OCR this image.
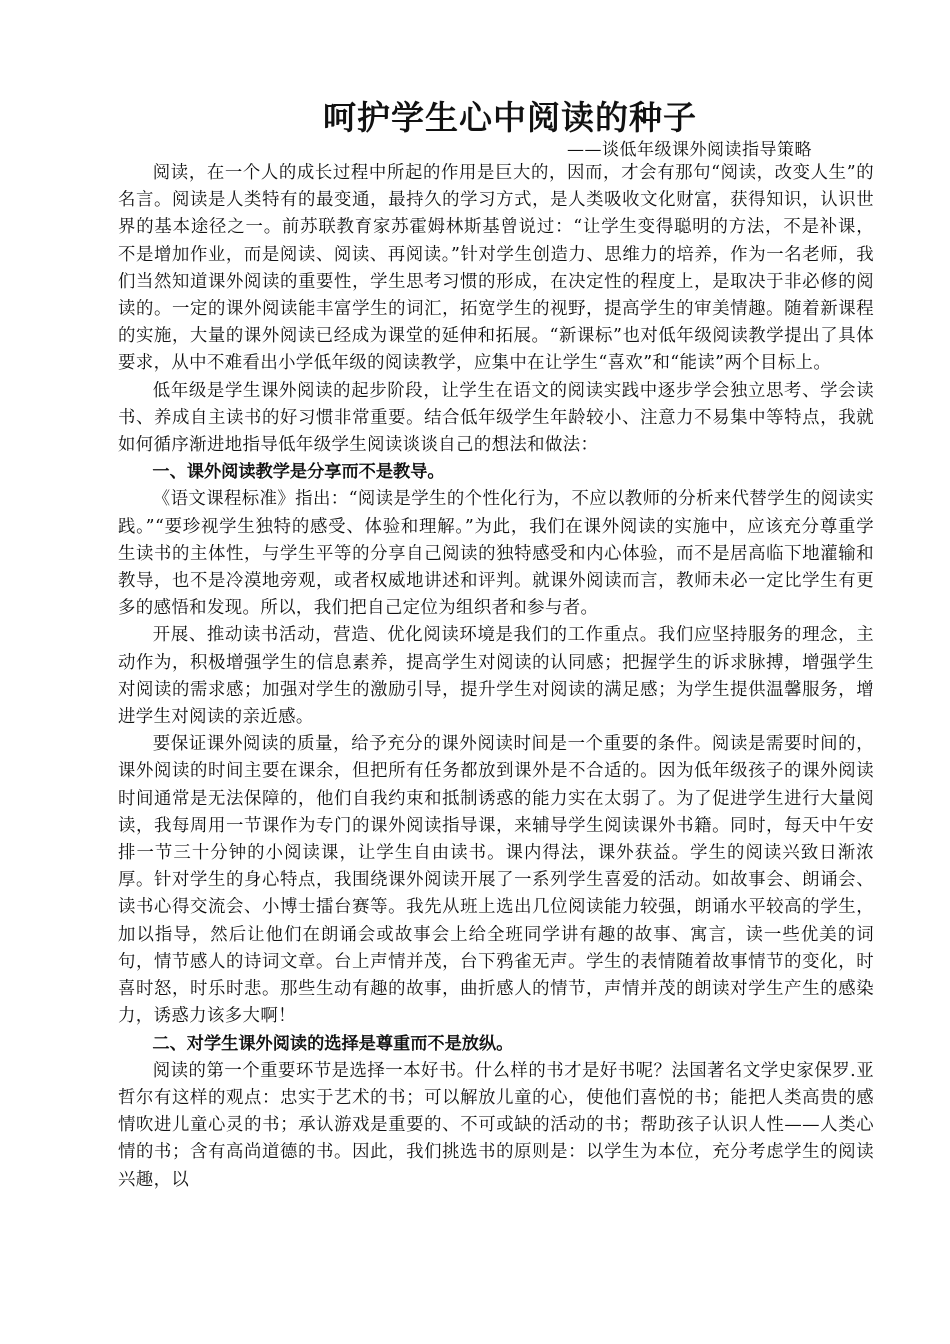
呵护学生心中阅读的种子

——谈低年级课外阅读指导策略

阅读，在一个人的成长过程中所起的作用是巨大的，因而，才会有那句“阅读，改变人生”的名言。阅读是人类特有的最变通，最持久的学习方式，是人类吸收文化财富，获得知识，认识世界的基本途径之一。前苏联教育家苏霍姆林斯基曾说过：“让学生变得聪明的方法，不是补课，不是增加作业，而是阅读、阅读、再阅读。”针对学生创造力、思维力的培养，作为一名老师，我们当然知道课外阅读的重要性，学生思考习惯的形成，在决定性的程度上，是取决于非必修的阅读的。一定的课外阅读能丰富学生的词汇，拓宽学生的视野，提高学生的审美情趣。随着新课程的实施，大量的课外阅读已经成为课堂的延伸和拓展。“新课标”也对低年级阅读教学提出了具体要求，从中不难看出小学低年级的阅读教学，应集中在让学生“喜欢”和“能读”两个目标上。

低年级是学生课外阅读的起步阶段，让学生在语文的阅读实践中逐步学会独立思考、学会读书、养成自主读书的好习惯非常重要。结合低年级学生年龄较小、注意力不易集中等特点，我就如何循序渐进地指导低年级学生阅读谈谈自己的想法和做法：

一、课外阅读教学是分享而不是教导。

《语文课程标准》指出：“阅读是学生的个性化行为，不应以教师的分析来代替学生的阅读实践。”“要珍视学生独特的感受、体验和理解。”为此，我们在课外阅读的实施中，应该充分尊重学生读书的主体性，与学生平等的分享自己阅读的独特感受和内心体验，而不是居高临下地灌输和教导，也不是冷漠地旁观，或者权威地讲述和评判。就课外阅读而言，教师未必一定比学生有更多的感悟和发现。所以，我们把自己定位为组织者和参与者。

开展、推动读书活动，营造、优化阅读环境是我们的工作重点。我们应坚持服务的理念，主动作为，积极增强学生的信息素养，提高学生对阅读的认同感；把握学生的诉求脉搏，增强学生对阅读的需求感；加强对学生的激励引导，提升学生对阅读的满足感；为学生提供温馨服务，增进学生对阅读的亲近感。

要保证课外阅读的质量，给予充分的课外阅读时间是一个重要的条件。阅读是需要时间的，课外阅读的时间主要在课余，但把所有任务都放到课外是不合适的。因为低年级孩子的课外阅读时间通常是无法保障的，他们自我约束和抵制诱惑的能力实在太弱了。为了促进学生进行大量阅读，我每周用一节课作为专门的课外阅读指导课，来辅导学生阅读课外书籍。同时，每天中午安排一节三十分钟的小阅读课，让学生自由读书。课内得法，课外获益。学生的阅读兴致日渐浓厚。针对学生的身心特点，我围绕课外阅读开展了一系列学生喜爱的活动。如故事会、朗诵会、读书心得交流会、小博士擂台赛等。我先从班上选出几位阅读能力较强，朗诵水平较高的学生，加以指导，然后让他们在朗诵会或故事会上给全班同学讲有趣的故事、寓言，读一些优美的词句，情节感人的诗词文章。台上声情并茂，台下鸦雀无声。学生的表情随着故事情节的变化，时喜时怒，时乐时悲。那些生动有趣的故事，曲折感人的情节，声情并茂的朗读对学生产生的感染力，诱惑力该多大啊！

二、对学生课外阅读的选择是尊重而不是放纵。

阅读的第一个重要环节是选择一本好书。什么样的书才是好书呢？法国著名文学史家保罗.亚哲尔有这样的观点：忠实于艺术的书；可以解放儿童的心，使他们喜悦的书；能把人类高贵的感情吹进儿童心灵的书；承认游戏是重要的、不可或缺的活动的书；帮助孩子认识人性——人类心情的书；含有高尚道德的书。因此，我们挑选书的原则是：以学生为本位，充分考虑学生的阅读兴趣，以
